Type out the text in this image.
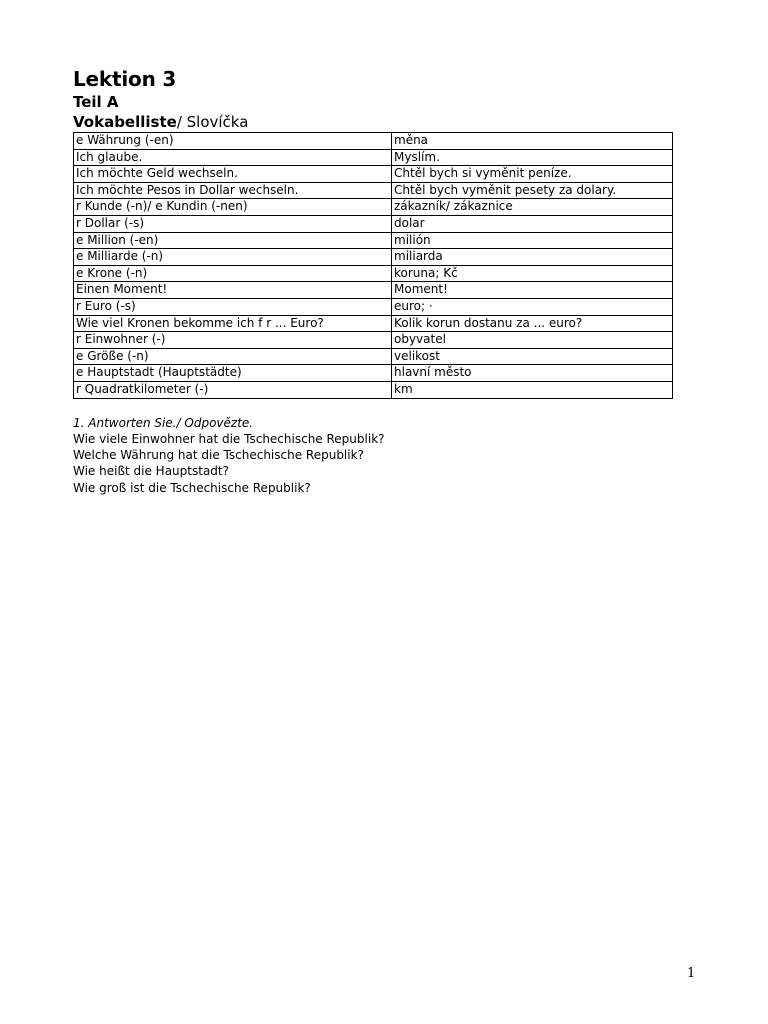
Lektion 3
Teil A
Vokabelliste/ Slovíčka
e Währung (-en)	měna
Ich glaube.	Myslím.
Ich möchte Geld wechseln.	Chtěl bych si vyměnit peníze.
Ich möchte Pesos in Dollar wechseln.	Chtěl bych vyměnit pesety za dolary.
r Kunde (-n)/ e Kundin (-nen)	zákazník/ zákaznice
r Dollar (-s)	dolar
e Million (-en)	milión
e Milliarde (-n)	miliarda
e Krone (-n)	koruna; Kč
Einen Moment!	Moment!
r Euro (-s)	euro; ·
Wie viel Kronen bekomme ich f r ... Euro?	Kolik korun dostanu za ... euro?
r Einwohner (-)	obyvatel
e Größe (-n)	velikost
e Hauptstadt (Hauptstädte)	hlavní město
r Quadratkilometer (-)	km
1. Antworten Sie./ Odpovězte.
Wie viele Einwohner hat die Tschechische Republik?
Welche Währung hat die Tschechische Republik?
Wie heißt die Hauptstadt?
Wie groß ist die Tschechische Republik?
1
